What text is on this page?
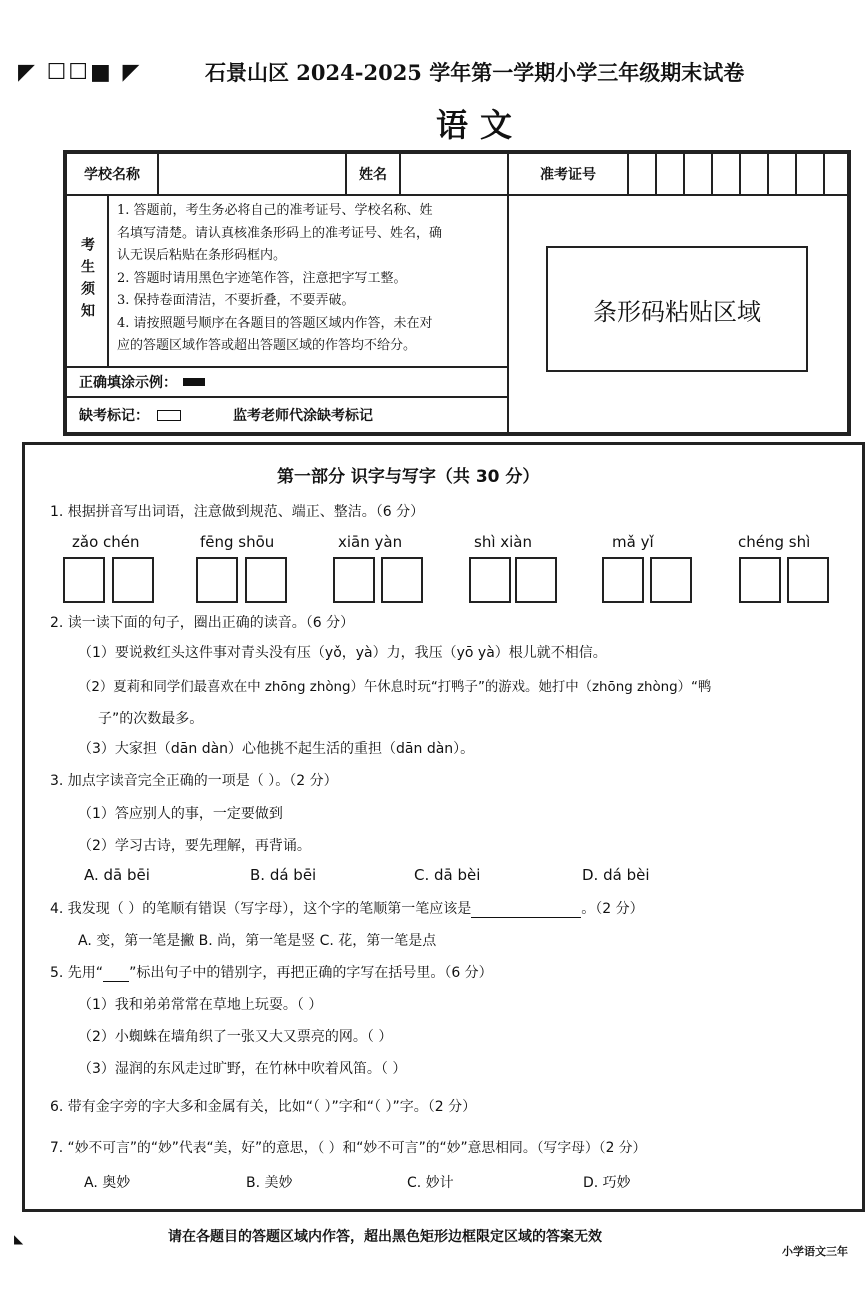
◤ ☐☐■ ◤	石景山区 2024-2025 学年第一学期小学三年级期末试卷
语文
学校名称	姓名	准考证号
考生须知
1. 答题前，考生务必将自己的准考证号、学校名称、姓
名填写清楚。请认真核准条形码上的准考证号、姓名，确
认无误后粘贴在条形码框内。
2. 答题时请用黑色字迹笔作答，注意把字写工整。
3. 保持卷面清洁，不要折叠，不要弄破。
4. 请按照题号顺序在各题目的答题区域内作答，未在对
应的答题区域作答或超出答题区域的作答均不给分。
正确填涂示例：
缺考标记：	监考老师代涂缺考标记
条形码粘贴区域
第一部分 识字与写字（共 30 分）
1. 根据拼音写出词语，注意做到规范、端正、整洁。（6 分）
zǎo chén	fēng shōu	xiān yàn	shì xiàn	mǎ yǐ	chéng shì
2. 读一读下面的句子，圈出正确的读音。（6 分）
（1）要说救红头这件事对青头没有压（yǒ，yà）力，我压（yō yà）根儿就不相信。
（2）夏莉和同学们最喜欢在中 zhōng zhòng）午休息时玩“打鸭子”的游戏。她打中（zhōng zhòng）“鸭
子”的次数最多。
（3）大家担（dān dàn）心他挑不起生活的重担（dān dàn）。
3. 加点字读音完全正确的一项是（ ）。（2 分）
（1）答应别人的事，一定要做到
（2）学习古诗，要先理解，再背诵。
A. dā bēi	B. dá bēi	C. dā bèi	D. dá bèi
4. 我发现（ ）的笔顺有错误（写字母），这个字的笔顺第一笔应该是	。（2 分）
A. 变，第一笔是撇 B. 尚，第一笔是竖 C. 花，第一笔是点
5. 先用“ ”标出句子中的错别字，再把正确的字写在括号里。（6 分）
（1）我和弟弟常常在草地上玩耍。（ ）
（2）小蜘蛛在墙角织了一张又大又票亮的网。（ ）
（3）湿润的东风走过旷野，在竹林中吹着风笛。（ ）
6. 带有金字旁的字大多和金属有关，比如“（ ）”字和“（ ）”字。（2 分）
7. “妙不可言”的“妙”代表“美，好”的意思，（ ）和“妙不可言”的“妙”意思相同。（写字母）（2 分）
A. 奥妙	B. 美妙	C. 妙计	D. 巧妙
◣	请在各题目的答题区域内作答，超出黑色矩形边框限定区域的答案无效
小学语文三年
